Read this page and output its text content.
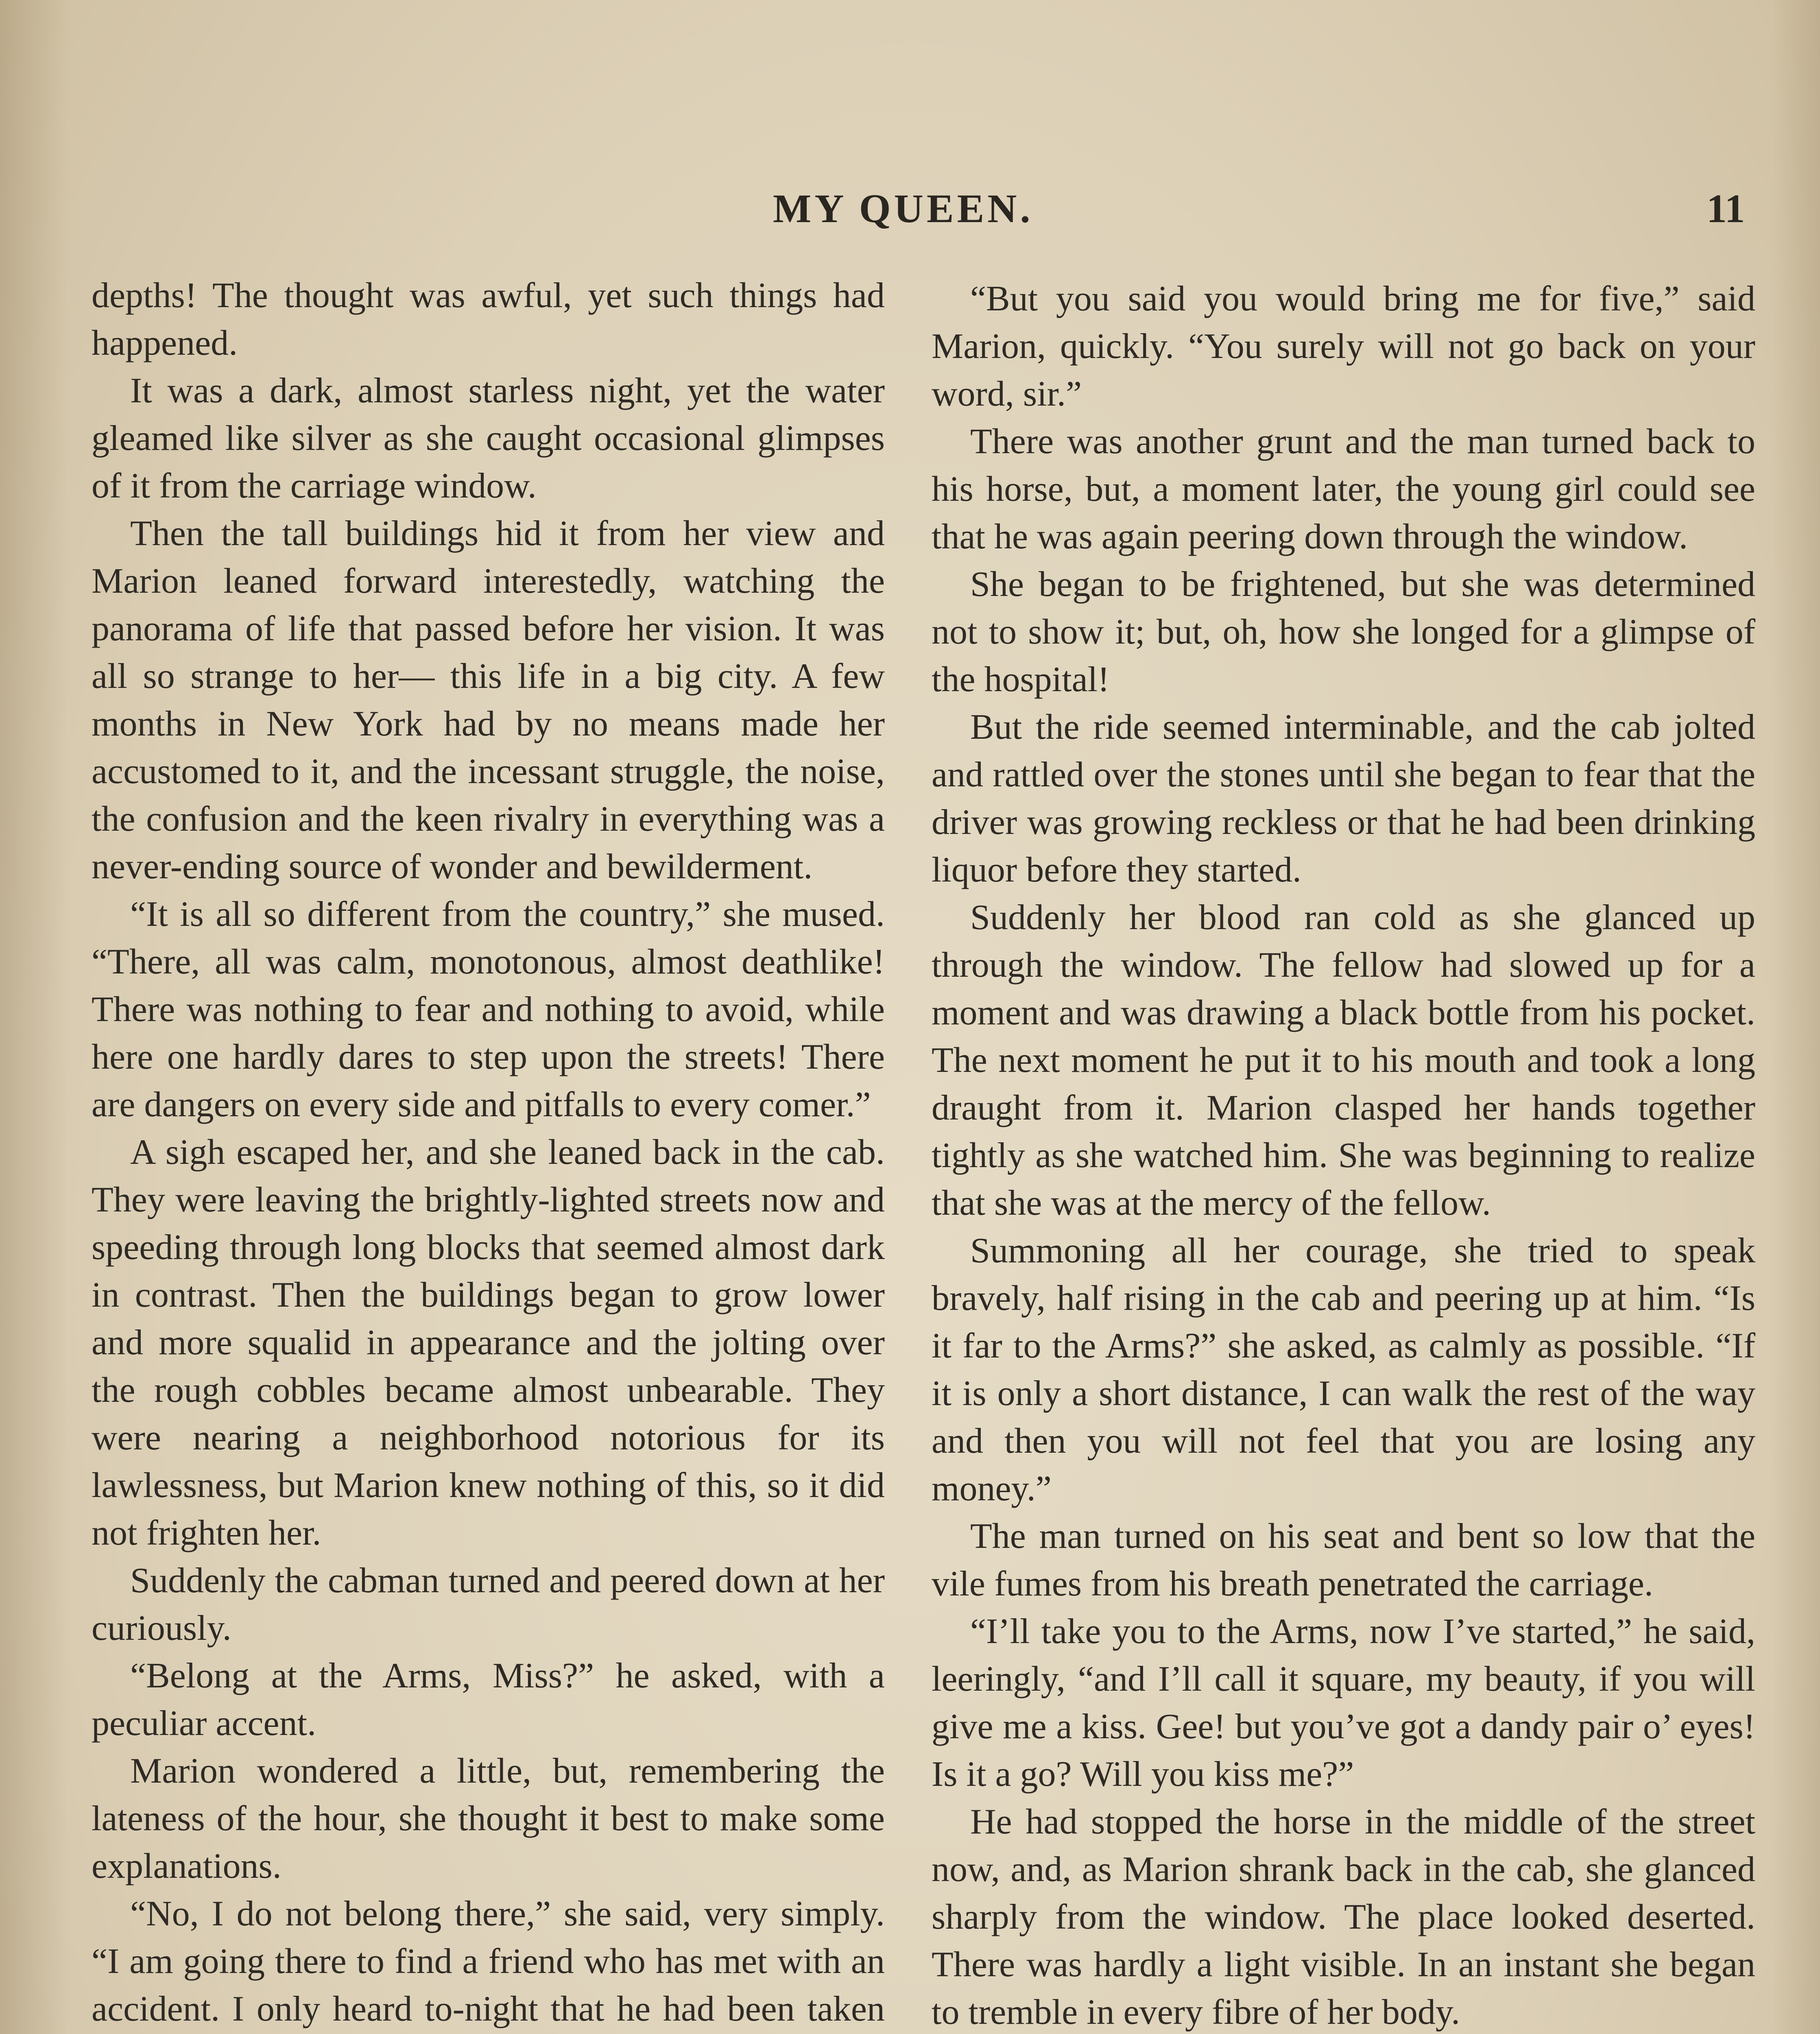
MY QUEEN.	11

depths! The thought was awful, yet such things had happened.

It was a dark, almost starless night, yet the water gleamed like silver as she caught occasional glimpses of it from the carriage window.

Then the tall buildings hid it from her view and Marion leaned forward interestedly, watching the panorama of life that passed before her vision. It was all so strange to her— this life in a big city. A few months in New York had by no means made her accustomed to it, and the incessant struggle, the noise, the confusion and the keen rivalry in everything was a never-ending source of wonder and bewilderment.

“It is all so different from the country,” she mused. “There, all was calm, monotonous, almost deathlike! There was nothing to fear and nothing to avoid, while here one hardly dares to step upon the streets! There are dangers on every side and pitfalls to every comer.”

A sigh escaped her, and she leaned back in the cab. They were leaving the brightly-lighted streets now and speeding through long blocks that seemed almost dark in contrast. Then the buildings began to grow lower and more squalid in appearance and the jolting over the rough cobbles became almost unbearable. They were nearing a neighborhood notorious for its lawlessness, but Marion knew nothing of this, so it did not frighten her.

Suddenly the cabman turned and peered down at her curiously.

“Belong at the Arms, Miss?” he asked, with a peculiar accent.

Marion wondered a little, but, remembering the lateness of the hour, she thought it best to make some explanations.

“No, I do not belong there,” she said, very simply. “I am going there to find a friend who has met with an accident. I only heard to-night that he had been taken

“But you said you would bring me for five,” said Marion, quickly. “You surely will not go back on your word, sir.”

There was another grunt and the man turned back to his horse, but, a moment later, the young girl could see that he was again peering down through the window.

She began to be frightened, but she was determined not to show it; but, oh, how she longed for a glimpse of the hospital!

But the ride seemed interminable, and the cab jolted and rattled over the stones until she began to fear that the driver was growing reckless or that he had been drinking liquor before they started.

Suddenly her blood ran cold as she glanced up through the window. The fellow had slowed up for a moment and was drawing a black bottle from his pocket. The next moment he put it to his mouth and took a long draught from it. Marion clasped her hands together tightly as she watched him. She was beginning to realize that she was at the mercy of the fellow.

Summoning all her courage, she tried to speak bravely, half rising in the cab and peering up at him. “Is it far to the Arms?” she asked, as calmly as possible. “If it is only a short distance, I can walk the rest of the way and then you will not feel that you are losing any money.”

The man turned on his seat and bent so low that the vile fumes from his breath penetrated the carriage.

“I’ll take you to the Arms, now I’ve started,” he said, leeringly, “and I’ll call it square, my beauty, if you will give me a kiss. Gee! but you’ve got a dandy pair o’ eyes! Is it a go? Will you kiss me?”

He had stopped the horse in the middle of the street now, and, as Marion shrank back in the cab, she glanced sharply from the window. The place looked deserted. There was hardly a light visible. In an instant she began to tremble in every fibre of her body.
